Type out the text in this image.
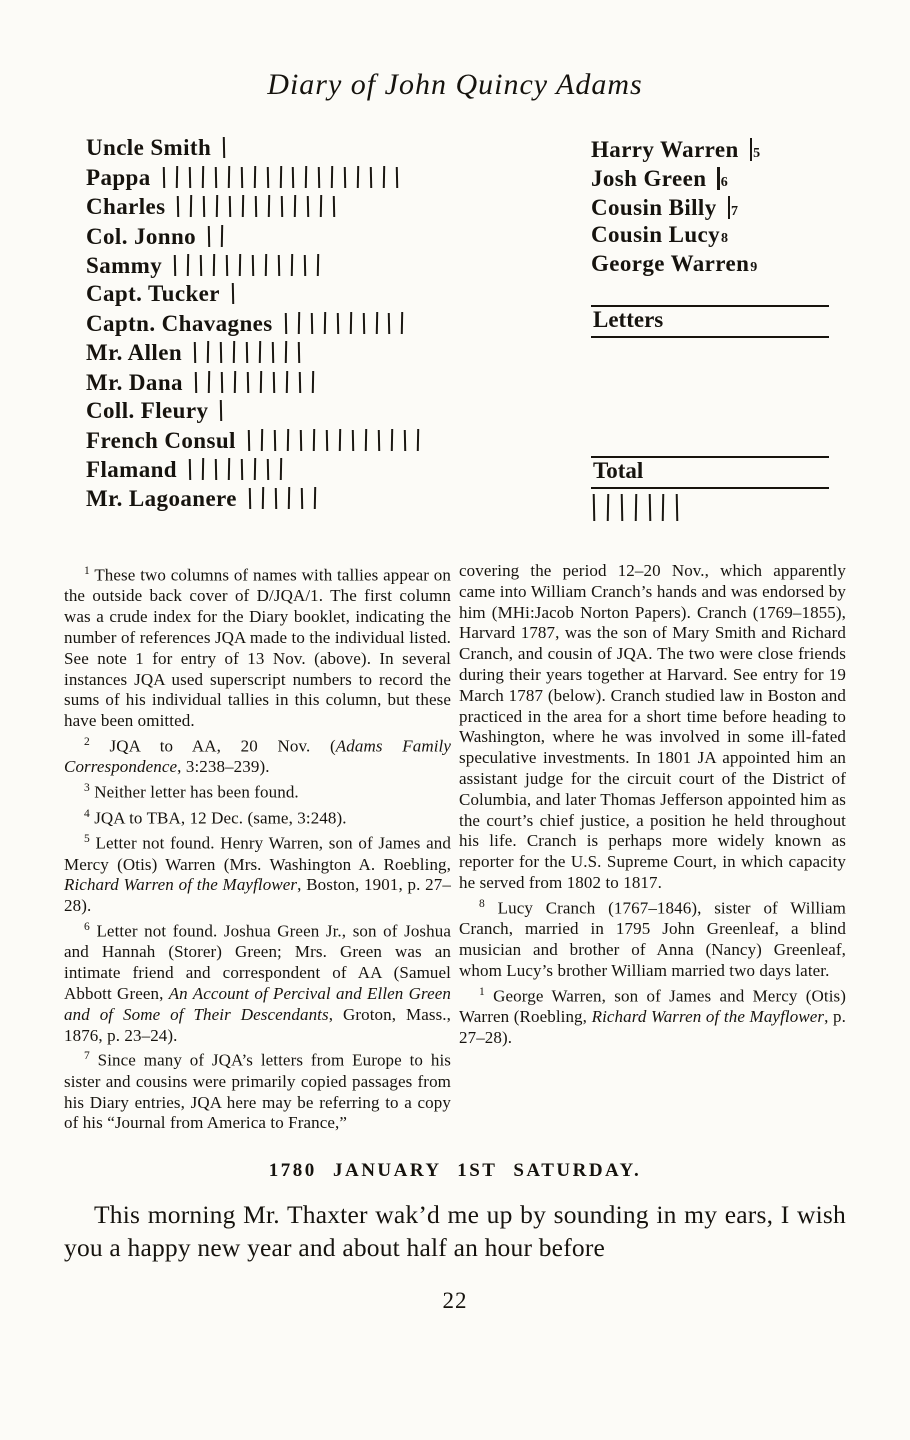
Diary of John Quincy Adams
Uncle Smith
Pappa
Charles
Col. Jonno
Sammy
Capt. Tucker
Captn. Chavagnes
Mr. Allen
Mr. Dana
Coll. Fleury
French Consul
Flamand
Mr. Lagoanere
Harry Warren 5
Josh Green 6
Cousin Billy 7
Cousin Lucy 8
George Warren 9
Letters
Total

$^1$ These two columns of names with tallies appear on the outside back cover of D/JQA/1. The first column was a crude index for the Diary booklet, indicating the number of references JQA made to the individual listed. See note 1 for entry of 13 Nov. (above). In several instances JQA used superscript numbers to record the sums of his individual tallies in this column, but these have been omitted.

$^2$ JQA to AA, 20 Nov. (Adams Family Correspondence, 3:238–239).

$^3$ Neither letter has been found.

$^4$ JQA to TBA, 12 Dec. (same, 3:248).

$^5$ Letter not found. Henry Warren, son of James and Mercy (Otis) Warren (Mrs. Washington A. Roebling, Richard Warren of the Mayflower, Boston, 1901, p. 27–28).

$^6$ Letter not found. Joshua Green Jr., son of Joshua and Hannah (Storer) Green; Mrs. Green was an intimate friend and correspondent of AA (Samuel Abbott Green, An Account of Percival and Ellen Green and of Some of Their Descendants, Groton, Mass., 1876, p. 23–24).

$^7$ Since many of JQA’s letters from Europe to his sister and cousins were primarily copied passages from his Diary entries, JQA here may be referring to a copy of his “Journal from America to France,”

covering the period 12–20 Nov., which apparently came into William Cranch’s hands and was endorsed by him (MHi:Jacob Norton Papers). Cranch (1769–1855), Harvard 1787, was the son of Mary Smith and Richard Cranch, and cousin of JQA. The two were close friends during their years together at Harvard. See entry for 19 March 1787 (below). Cranch studied law in Boston and practiced in the area for a short time before heading to Washington, where he was involved in some ill-fated speculative investments. In 1801 JA appointed him an assistant judge for the circuit court of the District of Columbia, and later Thomas Jefferson appointed him as the court’s chief justice, a position he held throughout his life. Cranch is perhaps more widely known as reporter for the U.S. Supreme Court, in which capacity he served from 1802 to 1817.

$^8$ Lucy Cranch (1767–1846), sister of William Cranch, married in 1795 John Greenleaf, a blind musician and brother of Anna (Nancy) Greenleaf, whom Lucy’s brother William married two days later.

$^1$ George Warren, son of James and Mercy (Otis) Warren (Roebling, Richard Warren of the Mayflower, p. 27–28).

1780 JANUARY 1ST SATURDAY.

This morning Mr. Thaxter wak’d me up by sounding in my ears, I wish you a happy new year and about half an hour before

22
